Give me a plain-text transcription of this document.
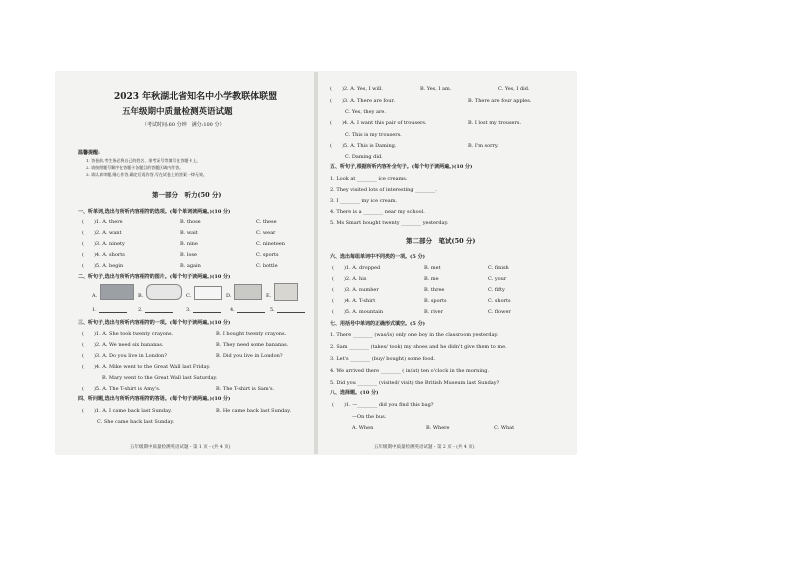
2023 年秋湖北省知名中小学教联体联盟
五年级期中质量检测英语试题
（考试时间:60 分钟　满分:100 分）
温馨提醒:
1. 答卷前,考生务必将自己的姓名、准考证号等填写在答题卡上。
2. 请按照题号顺序在答题卡各题目的答题区域内作答。
3. 请认真审题,细心作答,确定后再作答,写在试卷上的答案一律无效。
第一部分　听力(50 分)
一、听单词,选出与所听内容相符的选项。(每个单词读两遍。)(10 分)
(　　)1. A. there	B. those	C. these
(　　)2. A. want	B. wait	C. wear
(　　)3. A. ninety	B. nine	C. nineteen
(　　)4. A. shorts	B. lose	C. sports
(　　)5. A. begin	B. again	C. bottle
二、听句子,选出与所听内容相符的图片。(每个句子读两遍。)(10 分)
A.	B.	C.	D.	E.
1.	2.	3.	4.	5.
三、听句子,选出与所听内容相符的一项。(每个句子读两遍。)(10 分)
(　　)1. A. She took twenty crayons.	B. I bought twenty crayons.
(　　)2. A. We need six bananas.	B. They need some bananas.
(　　)3. A. Do you live in London?	B. Did you live in London?
(　　)4. A. Mike went to the Great Wall last Friday.
　　　　B. Mary went to the Great Wall last Saturday.
(　　)5. A. The T-shirt is Amy's.	B. The T-shirt is Sam's.
四、听问题,选出与所听内容相符的答语。(每个句子读两遍。)(10 分)
(　　)1. A. I came back last Sunday.	B. He came back last Sunday.
　　　C. She came back last Sunday.
五年级期中质量检测英语试题・第 1 页・(共 4 页)
(　　)2. A. Yes, I will.	B. Yes, I am.	C. Yes, I did.
(　　)3. A. There are four.	B. There are four apples.
　　　C. Yes, they are.
(　　)4. A. I want this pair of trousers.	B. I lost my trousers.
　　　C. This is my trousers.
(　　)5. A. This is Daming.	B. I'm sorry.
　　　C. Daming did.
五、听句子,根据所听内容补全句子。(每个句子读两遍。)(10 分)
1. Look at ________ ice creams.
2. They visited lots of interesting ________.
3. I ________ my ice cream.
4. There is a ________ near my school.
5. Ms Smart bought twenty ________ yesterday.
第二部分　笔试(50 分)
六、选出每组单词中不同类的一项。(5 分)
(　　)1. A. dropped	B. met	C. finish
(　　)2. A. his	B. me	C. your
(　　)3. A. number	B. three	C. fifty
(　　)4. A. T-shirt	B. sports	C. shorts
(　　)5. A. mountain	B. river	C. flower
七、用括号中单词的正确形式填空。(5 分)
1. There ________ (was/is) only one boy in the classroom yesterday.
2. Sam ________ (takes/ took) my shoes and he didn't give them to me.
3. Let's ________ (buy/ bought) some food.
4. We arrived there ________ ( in/at) ten o'clock in the morning.
5. Did you ________ (visited/ visit) the British Museum last Sunday?
八、选择题。(10 分)
(　　)1. —________ did you find this bag?
—On the bus.
A. When	B. Where	C. What
五年级期中质量检测英语试题・第 2 页・(共 4 页)
